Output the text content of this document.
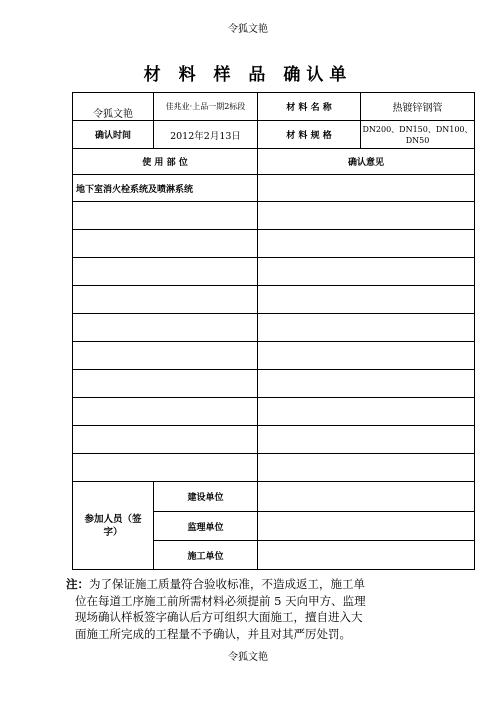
令狐文艳
材 料 样 品 确认单
令狐文艳	佳兆业·上品一期2标段	材 料 名 称	热镀锌钢管
确认时间	2012年2月13日	材 料 规 格	DN200、DN150、DN100、DN50
使 用 部 位		确认意见	
地下室消火栓系统及喷淋系统			

参加人员（签字）	建设单位		
	监理单位		
	施工单位		
注：为了保证施工质量符合验收标准，不造成返工，施工单
位在每道工序施工前所需材料必须提前 5 天向甲方、监理
现场确认样板签字确认后方可组织大面施工，擅自进入大
面施工所完成的工程量不予确认，并且对其严厉处罚。
令狐文艳
